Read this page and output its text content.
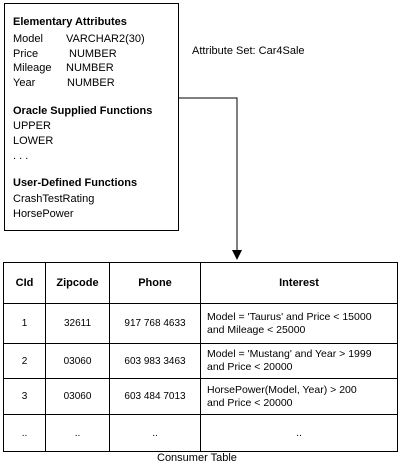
Elementary Attributes
Model VARCHAR2(30)
Price	NUMBER
Mileage NUMBER
Year	NUMBER
Oracle Supplied Functions
UPPER
LOWER
. . .
User-Defined Functions
CrashTestRating
HorsePower
Attribute Set: Car4Sale
CId	Zipcode	Phone	Interest
1	32611	917 768 4633	Model = 'Taurus' and Price < 15000
and Mileage < 25000

2	03060	603 983 3463	Model = 'Mustang' and Year > 1999
and Price < 20000

3	03060	603 484 7013	HorsePower(Model, Year) > 200
and Price < 20000

..	..	..	..
Consumer Table
